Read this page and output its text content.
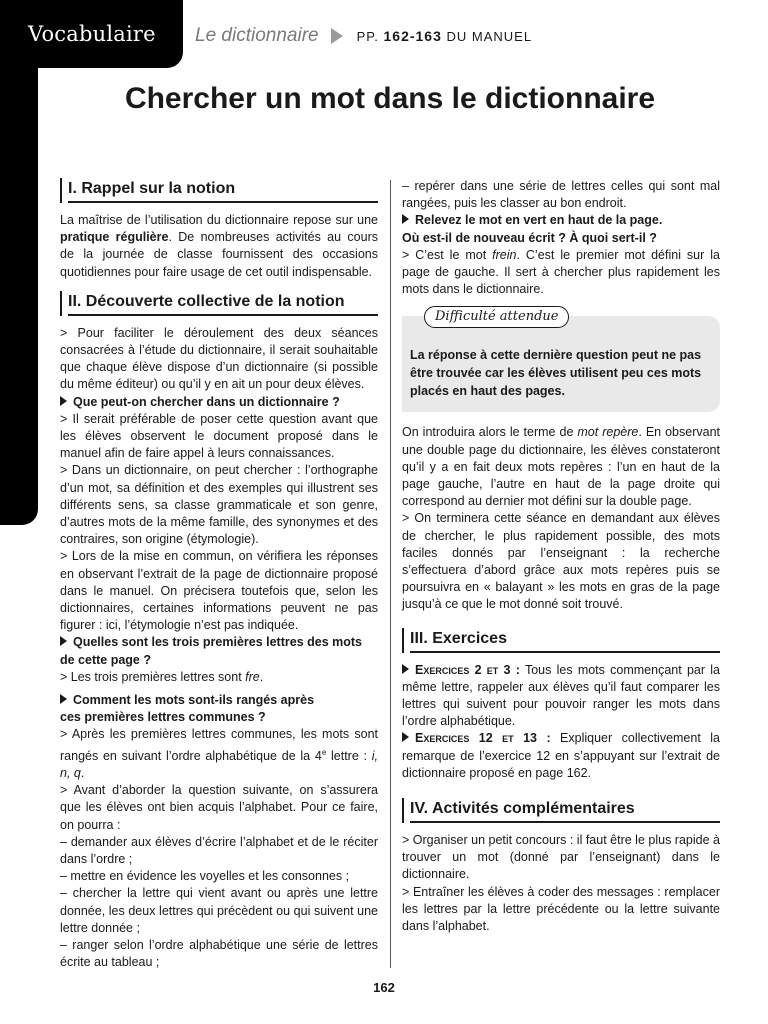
Vocabulaire Le dictionnaire	PP. 162-163 DU MANUEL
Chercher un mot dans le dictionnaire
I. Rappel sur la notion

La maîtrise de l’utilisation du dictionnaire repose sur une pratique régulière. De nombreuses activités au cours de la journée de classe fournissent des occasions quotidiennes pour faire usage de cet outil indispensable.

II. Découverte collective de la notion

> Pour faciliter le déroulement des deux séances consacrées à l’étude du dictionnaire, il serait souhaitable que chaque élève dispose d’un dictionnaire (si possible du même éditeur) ou qu’il y en ait un pour deux élèves.

Que peut-on chercher dans un dictionnaire ?

> Il serait préférable de poser cette question avant que les élèves observent le document proposé dans le manuel afin de faire appel à leurs connaissances.

> Dans un dictionnaire, on peut chercher : l’orthographe d’un mot, sa définition et des exemples qui illustrent ses différents sens, sa classe grammaticale et son genre, d’autres mots de la même famille, des synonymes et des contraires, son origine (étymologie).

> Lors de la mise en commun, on vérifiera les réponses en observant l’extrait de la page de dictionnaire proposé dans le manuel. On précisera toutefois que, selon les dictionnaires, certaines informations peuvent ne pas figurer : ici, l’étymologie n’est pas indiquée.

Quelles sont les trois premières lettres des mots de cette page ?

> Les trois premières lettres sont fre.

Comment les mots sont-ils rangés après
ces premières lettres communes ?

> Après les premières lettres communes, les mots sont rangés en suivant l’ordre alphabétique de la 4e lettre : i, n, q.

> Avant d’aborder la question suivante, on s’assurera que les élèves ont bien acquis l’alphabet. Pour ce faire, on pourra :

– demander aux élèves d’écrire l’alphabet et de le réciter dans l’ordre ;

– mettre en évidence les voyelles et les consonnes ;

– chercher la lettre qui vient avant ou après une lettre donnée, les deux lettres qui précèdent ou qui suivent une lettre donnée ;

– ranger selon l’ordre alphabétique une série de lettres écrite au tableau ;

– repérer dans une série de lettres celles qui sont mal rangées, puis les classer au bon endroit.

Relevez le mot en vert en haut de la page.
Où est-il de nouveau écrit ? À quoi sert-il ?

> C’est le mot frein. C’est le premier mot défini sur la page de gauche. Il sert à chercher plus rapidement les mots dans le dictionnaire.

Difficulté attendue
La réponse à cette dernière question peut ne pas être trouvée car les élèves utilisent peu ces mots placés en haut des pages.

On introduira alors le terme de mot repère. En observant une double page du dictionnaire, les élèves constateront qu’il y a en fait deux mots repères : l’un en haut de la page gauche, l’autre en haut de la page droite qui correspond au dernier mot défini sur la double page.

> On terminera cette séance en demandant aux élèves de chercher, le plus rapidement possible, des mots faciles donnés par l’enseignant : la recherche s’effectuera d’abord grâce aux mots repères puis se poursuivra en « balayant » les mots en gras de la page jusqu’à ce que le mot donné soit trouvé.

III. Exercices

Exercices 2 et 3 : Tous les mots commençant par la même lettre, rappeler aux élèves qu’il faut comparer les lettres qui suivent pour pouvoir ranger les mots dans l’ordre alphabétique.

Exercices 12 et 13 : Expliquer collectivement la remarque de l’exercice 12 en s’appuyant sur l’extrait de dictionnaire proposé en page 162.

IV. Activités complémentaires

> Organiser un petit concours : il faut être le plus rapide à trouver un mot (donné par l’enseignant) dans le dictionnaire.

> Entraîner les élèves à coder des messages : remplacer les lettres par la lettre précédente ou la lettre suivante dans l’alphabet.

162
